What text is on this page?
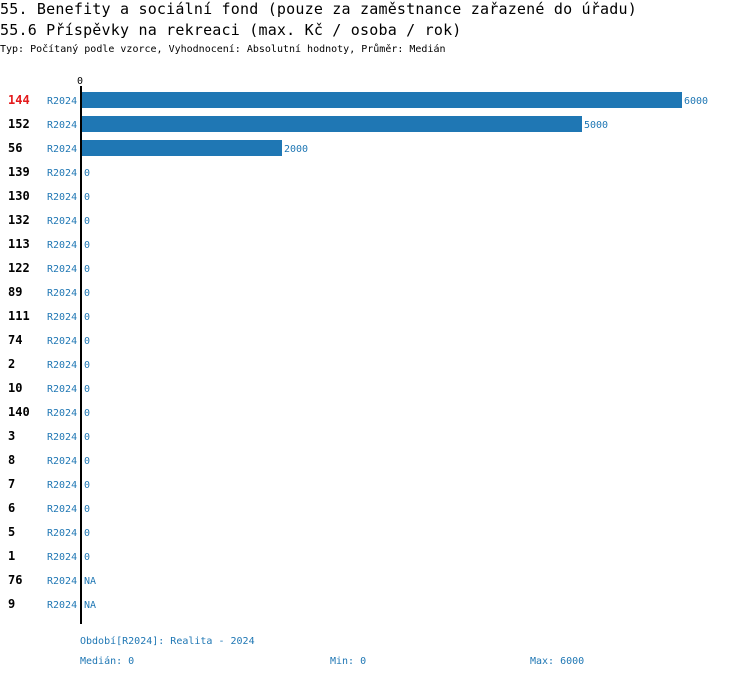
55. Benefity a sociální fond (pouze za zaměstnance zařazené do úřadu)
55.6 Příspěvky na rekreaci (max. Kč / osoba / rok)
Typ: Počítaný podle vzorce, Vyhodnocení: Absolutní hodnoty, Průměr: Medián
0
144 R2024	6000
152 R2024	5000
56 R2024	2000
139 R2024 0
130 R2024 0
132 R2024 0
113 R2024 0
122 R2024 0
89 R2024 0
111 R2024 0
74 R2024 0
2	R2024 0
10 R2024 0
140 R2024 0
3	R2024 0
8	R2024 0
7	R2024 0
6	R2024 0
5	R2024 0
1	R2024 0
76 R2024 NA
9	R2024 NA
Období[R2024]: Realita - 2024
Medián: 0	Min: 0	Max: 6000
